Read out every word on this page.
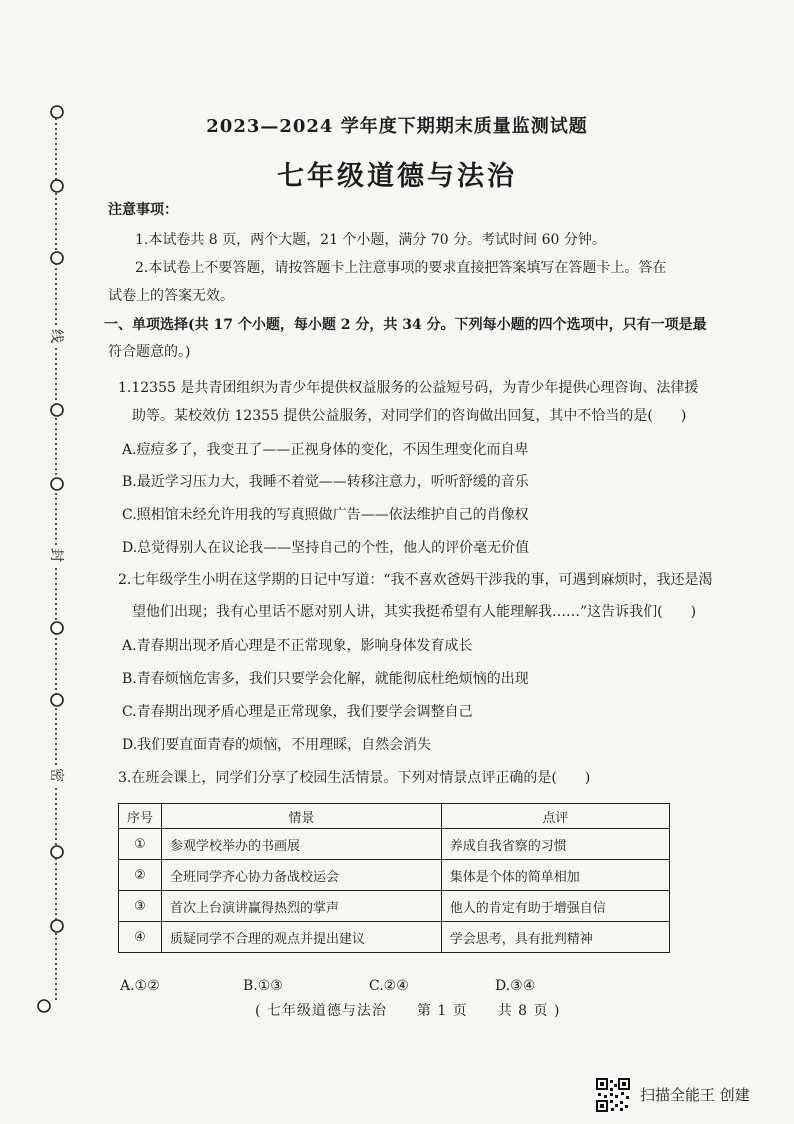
线
封
密
2023—2024 学年度下期期末质量监测试题
七年级道德与法治
注意事项：
1.本试卷共 8 页，两个大题，21 个小题，满分 70 分。考试时间 60 分钟。
2.本试卷上不要答题，请按答题卡上注意事项的要求直接把答案填写在答题卡上。答在
试卷上的答案无效。
一、单项选择(共 17 个小题，每小题 2 分，共 34 分。下列每小题的四个选项中，只有一项是最
符合题意的。)
1.12355 是共青团组织为青少年提供权益服务的公益短号码，为青少年提供心理咨询、法律援
助等。某校效仿 12355 提供公益服务，对同学们的咨询做出回复，其中不恰当的是(　　)
A.痘痘多了，我变丑了——正视身体的变化，不因生理变化而自卑
B.最近学习压力大，我睡不着觉——转移注意力，听听舒缓的音乐
C.照相馆未经允许用我的写真照做广告——依法维护自己的肖像权
D.总觉得别人在议论我——坚持自己的个性，他人的评价毫无价值
2.七年级学生小明在这学期的日记中写道：“我不喜欢爸妈干涉我的事，可遇到麻烦时，我还是渴
望他们出现；我有心里话不愿对别人讲，其实我挺希望有人能理解我……”这告诉我们(　　)
A.青春期出现矛盾心理是不正常现象，影响身体发育成长
B.青春烦恼危害多，我们只要学会化解，就能彻底杜绝烦恼的出现
C.青春期出现矛盾心理是正常现象，我们要学会调整自己
D.我们要直面青春的烦恼，不用理睬，自然会消失
3.在班会课上，同学们分享了校园生活情景。下列对情景点评正确的是(　　)
序号	情景	点评
①	参观学校举办的书画展	养成自我省察的习惯
②	全班同学齐心协力备战校运会	集体是个体的简单相加
③	首次上台演讲赢得热烈的掌声	他人的肯定有助于增强自信
④	质疑同学不合理的观点并提出建议	学会思考，具有批判精神
A.①②	B.①③	C.②④	D.③④
( 七年级道德与法治　　第 1 页　　共 8 页 )
扫描全能王 创建
